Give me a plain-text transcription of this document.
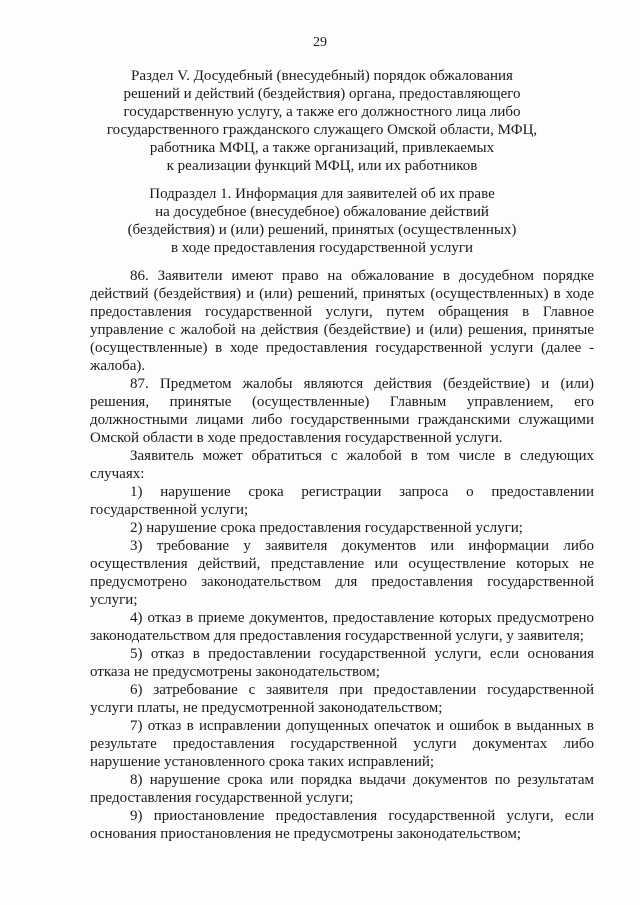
29
Раздел V. Досудебный (внесудебный) порядок обжалования
решений и действий (бездействия) органа, предоставляющего
государственную услугу, а также его должностного лица либо
государственного гражданского служащего Омской области, МФЦ,
работника МФЦ, а также организаций, привлекаемых
к реализации функций МФЦ, или их работников
Подраздел 1. Информация для заявителей об их праве
на досудебное (внесудебное) обжалование действий
(бездействия) и (или) решений, принятых (осуществленных)
в ходе предоставления государственной услуги

86. Заявители имеют право на обжалование в досудебном порядке действий (бездействия) и (или) решений, принятых (осуществленных) в ходе предоставления государственной услуги, путем обращения в Главное управление с жалобой на действия (бездействие) и (или) решения, принятые (осуществленные) в ходе предоставления государственной услуги (далее - жалоба).

87. Предметом жалобы являются действия (бездействие) и (или) решения, принятые (осуществленные) Главным управлением, его должностными лицами либо государственными гражданскими служащими Омской области в ходе предоставления государственной услуги.

Заявитель может обратиться с жалобой в том числе в следующих случаях:

1) нарушение срока регистрации запроса о предоставлении государственной услуги;

2) нарушение срока предоставления государственной услуги;

3) требование у заявителя документов или информации либо осуществления действий, представление или осуществление которых не предусмотрено законодательством для предоставления государственной услуги;

4) отказ в приеме документов, предоставление которых предусмотрено законодательством для предоставления государственной услуги, у заявителя;

5) отказ в предоставлении государственной услуги, если основания отказа не предусмотрены законодательством;

6) затребование с заявителя при предоставлении государственной услуги платы, не предусмотренной законодательством;

7) отказ в исправлении допущенных опечаток и ошибок в выданных в результате предоставления государственной услуги документах либо нарушение установленного срока таких исправлений;

8) нарушение срока или порядка выдачи документов по результатам предоставления государственной услуги;

9) приостановление предоставления государственной услуги, если основания приостановления не предусмотрены законодательством;
